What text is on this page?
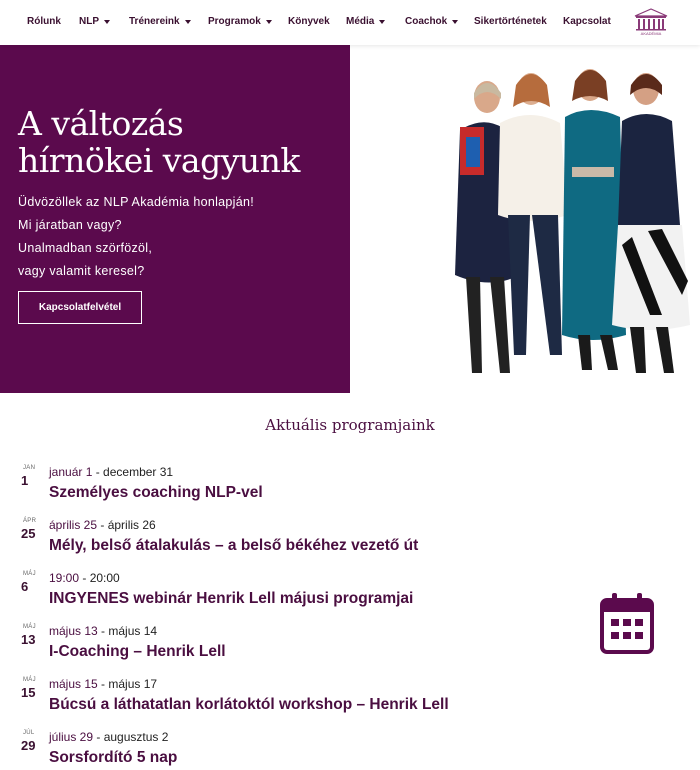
Rólunk NLP	Trénereink	Programok	Könyvek Média	Coachok	Sikertörténetek Kapcsolat
AKADÉMIA
A változás
hírnökei vagyunk
Üdvözöllek az NLP Akadémia honlapján!
Mi járatban vagy?
Unalmadban szörfözöl,
vagy valamit keresel?
Kapcsolatfelvétel
Aktuális programjaink
JAN
1
január 1 - december 31
Személyes coaching NLP-vel
ÁPR
25
április 25 - április 26
Mély, belső átalakulás – a belső békéhez vezető út
MÁJ
6
19:00 - 20:00
INGYENES webinár Henrik Lell májusi programjai
MÁJ
13
május 13 - május 14
I-Coaching – Henrik Lell
MÁJ
15
május 15 - május 17
Búcsú a láthatatlan korlátoktól workshop – Henrik Lell
JÚL
29
július 29 - augusztus 2
Sorsfordító 5 nap
